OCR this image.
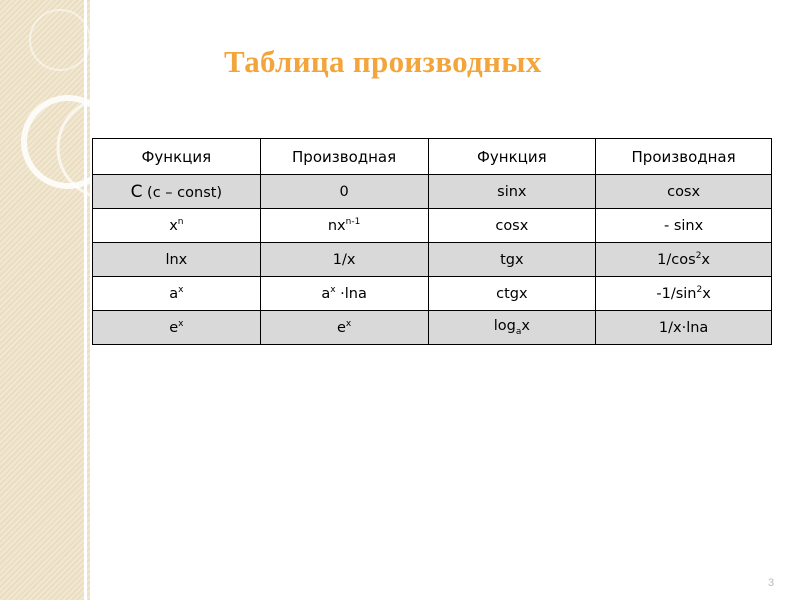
Таблица производных
Функция	Производная	Функция	Производная
С (c – const)	0	sinx	cosx
$x^n$	$nx^{n-1}$	cosx	- sinx
lnx	1/x	tgx	$1/\cos^2x$
$a^x$	$a^x \cdot\ln a$	ctgx	$-1/\sin^2x$
$e^x$	$e^x$	$\log_ax$	1/x·lna
3
